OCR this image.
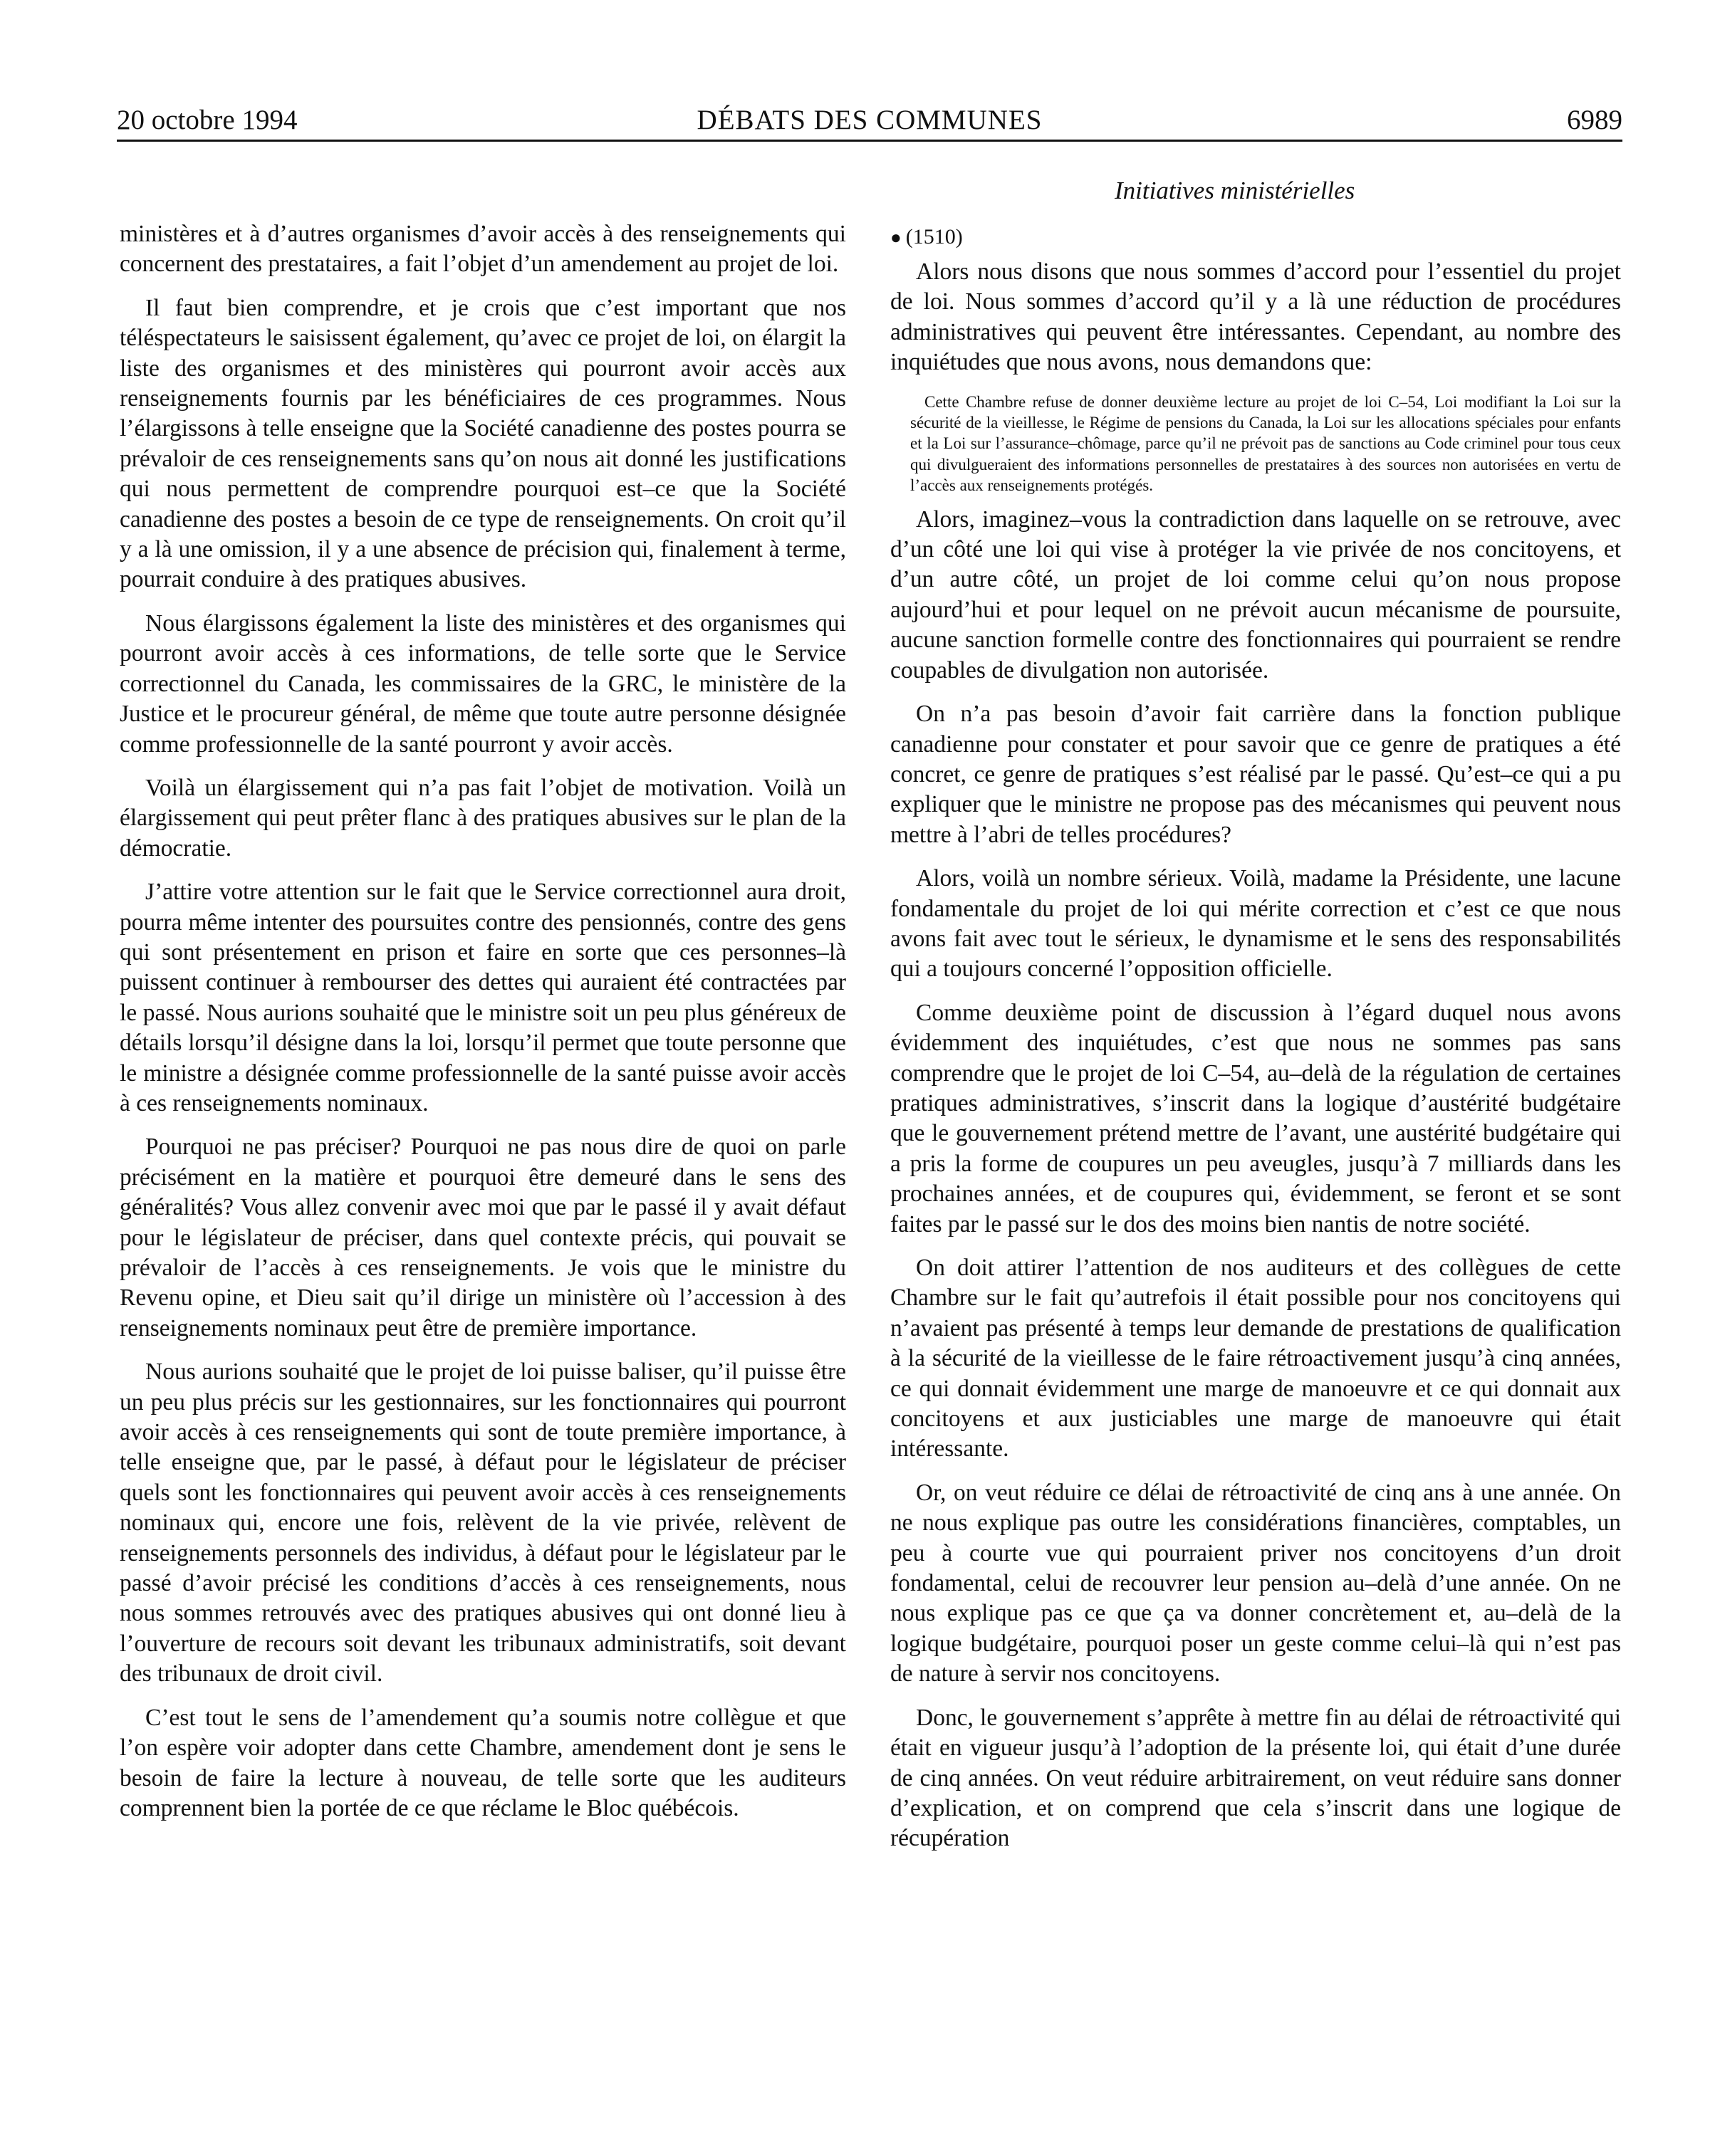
20 octobre 1994	DÉBATS DES COMMUNES	6989
Initiatives ministérielles

ministères et à d’autres organismes d’avoir accès à des renseignements qui concernent des prestataires, a fait l’objet d’un amendement au projet de loi.

Il faut bien comprendre, et je crois que c’est important que nos téléspectateurs le saisissent également, qu’avec ce projet de loi, on élargit la liste des organismes et des ministères qui pourront avoir accès aux renseignements fournis par les bénéficiaires de ces programmes. Nous l’élargissons à telle enseigne que la Société canadienne des postes pourra se prévaloir de ces renseignements sans qu’on nous ait donné les justifications qui nous permettent de comprendre pourquoi est–ce que la Société canadienne des postes a besoin de ce type de renseignements. On croit qu’il y a là une omission, il y a une absence de précision qui, finalement à terme, pourrait conduire à des pratiques abusives.

Nous élargissons également la liste des ministères et des organismes qui pourront avoir accès à ces informations, de telle sorte que le Service correctionnel du Canada, les commissaires de la GRC, le ministère de la Justice et le procureur général, de même que toute autre personne désignée comme professionnelle de la santé pourront y avoir accès.

Voilà un élargissement qui n’a pas fait l’objet de motivation. Voilà un élargissement qui peut prêter flanc à des pratiques abusives sur le plan de la démocratie.

J’attire votre attention sur le fait que le Service correctionnel aura droit, pourra même intenter des poursuites contre des pensionnés, contre des gens qui sont présentement en prison et faire en sorte que ces personnes–là puissent continuer à rembourser des dettes qui auraient été contractées par le passé. Nous aurions souhaité que le ministre soit un peu plus généreux de détails lorsqu’il désigne dans la loi, lorsqu’il permet que toute personne que le ministre a désignée comme professionnelle de la santé puisse avoir accès à ces renseignements nominaux.

Pourquoi ne pas préciser? Pourquoi ne pas nous dire de quoi on parle précisément en la matière et pourquoi être demeuré dans le sens des généralités? Vous allez convenir avec moi que par le passé il y avait défaut pour le législateur de préciser, dans quel contexte précis, qui pouvait se prévaloir de l’accès à ces renseignements. Je vois que le ministre du Revenu opine, et Dieu sait qu’il dirige un ministère où l’accession à des renseignements nominaux peut être de première importance.

Nous aurions souhaité que le projet de loi puisse baliser, qu’il puisse être un peu plus précis sur les gestionnaires, sur les fonctionnaires qui pourront avoir accès à ces renseignements qui sont de toute première importance, à telle enseigne que, par le passé, à défaut pour le législateur de préciser quels sont les fonctionnaires qui peuvent avoir accès à ces renseignements nominaux qui, encore une fois, relèvent de la vie privée, relèvent de renseignements personnels des individus, à défaut pour le législateur par le passé d’avoir précisé les conditions d’accès à ces renseignements, nous nous sommes retrouvés avec des pratiques abusives qui ont donné lieu à l’ouverture de recours soit devant les tribunaux administratifs, soit devant des tribunaux de droit civil.

C’est tout le sens de l’amendement qu’a soumis notre collègue et que l’on espère voir adopter dans cette Chambre, amendement dont je sens le besoin de faire la lecture à nouveau, de telle sorte que les auditeurs comprennent bien la portée de ce que réclame le Bloc québécois.

● (1510)

Alors nous disons que nous sommes d’accord pour l’essentiel du projet de loi. Nous sommes d’accord qu’il y a là une réduction de procédures administratives qui peuvent être intéressantes. Cependant, au nombre des inquiétudes que nous avons, nous demandons que:

Cette Chambre refuse de donner deuxième lecture au projet de loi C–54, Loi modifiant la Loi sur la sécurité de la vieillesse, le Régime de pensions du Canada, la Loi sur les allocations spéciales pour enfants et la Loi sur l’assurance–chômage, parce qu’il ne prévoit pas de sanctions au Code criminel pour tous ceux qui divulgueraient des informations personnelles de prestataires à des sources non autorisées en vertu de l’accès aux renseignements protégés.

Alors, imaginez–vous la contradiction dans laquelle on se retrouve, avec d’un côté une loi qui vise à protéger la vie privée de nos concitoyens, et d’un autre côté, un projet de loi comme celui qu’on nous propose aujourd’hui et pour lequel on ne prévoit aucun mécanisme de poursuite, aucune sanction formelle contre des fonctionnaires qui pourraient se rendre coupables de divulgation non autorisée.

On n’a pas besoin d’avoir fait carrière dans la fonction publique canadienne pour constater et pour savoir que ce genre de pratiques a été concret, ce genre de pratiques s’est réalisé par le passé. Qu’est–ce qui a pu expliquer que le ministre ne propose pas des mécanismes qui peuvent nous mettre à l’abri de telles procédures?

Alors, voilà un nombre sérieux. Voilà, madame la Présidente, une lacune fondamentale du projet de loi qui mérite correction et c’est ce que nous avons fait avec tout le sérieux, le dynamisme et le sens des responsabilités qui a toujours concerné l’opposition officielle.

Comme deuxième point de discussion à l’égard duquel nous avons évidemment des inquiétudes, c’est que nous ne sommes pas sans comprendre que le projet de loi C–54, au–delà de la régulation de certaines pratiques administratives, s’inscrit dans la logique d’austérité budgétaire que le gouvernement prétend mettre de l’avant, une austérité budgétaire qui a pris la forme de coupures un peu aveugles, jusqu’à 7 milliards dans les prochaines années, et de coupures qui, évidemment, se feront et se sont faites par le passé sur le dos des moins bien nantis de notre société.

On doit attirer l’attention de nos auditeurs et des collègues de cette Chambre sur le fait qu’autrefois il était possible pour nos concitoyens qui n’avaient pas présenté à temps leur demande de prestations de qualification à la sécurité de la vieillesse de le faire rétroactivement jusqu’à cinq années, ce qui donnait évidemment une marge de manoeuvre et ce qui donnait aux concitoyens et aux justiciables une marge de manoeuvre qui était intéressante.

Or, on veut réduire ce délai de rétroactivité de cinq ans à une année. On ne nous explique pas outre les considérations financières, comptables, un peu à courte vue qui pourraient priver nos concitoyens d’un droit fondamental, celui de recouvrer leur pension au–delà d’une année. On ne nous explique pas ce que ça va donner concrètement et, au–delà de la logique budgétaire, pourquoi poser un geste comme celui–là qui n’est pas de nature à servir nos concitoyens.

Donc, le gouvernement s’apprête à mettre fin au délai de rétroactivité qui était en vigueur jusqu’à l’adoption de la présente loi, qui était d’une durée de cinq années. On veut réduire arbitrairement, on veut réduire sans donner d’explication, et on comprend que cela s’inscrit dans une logique de récupération
